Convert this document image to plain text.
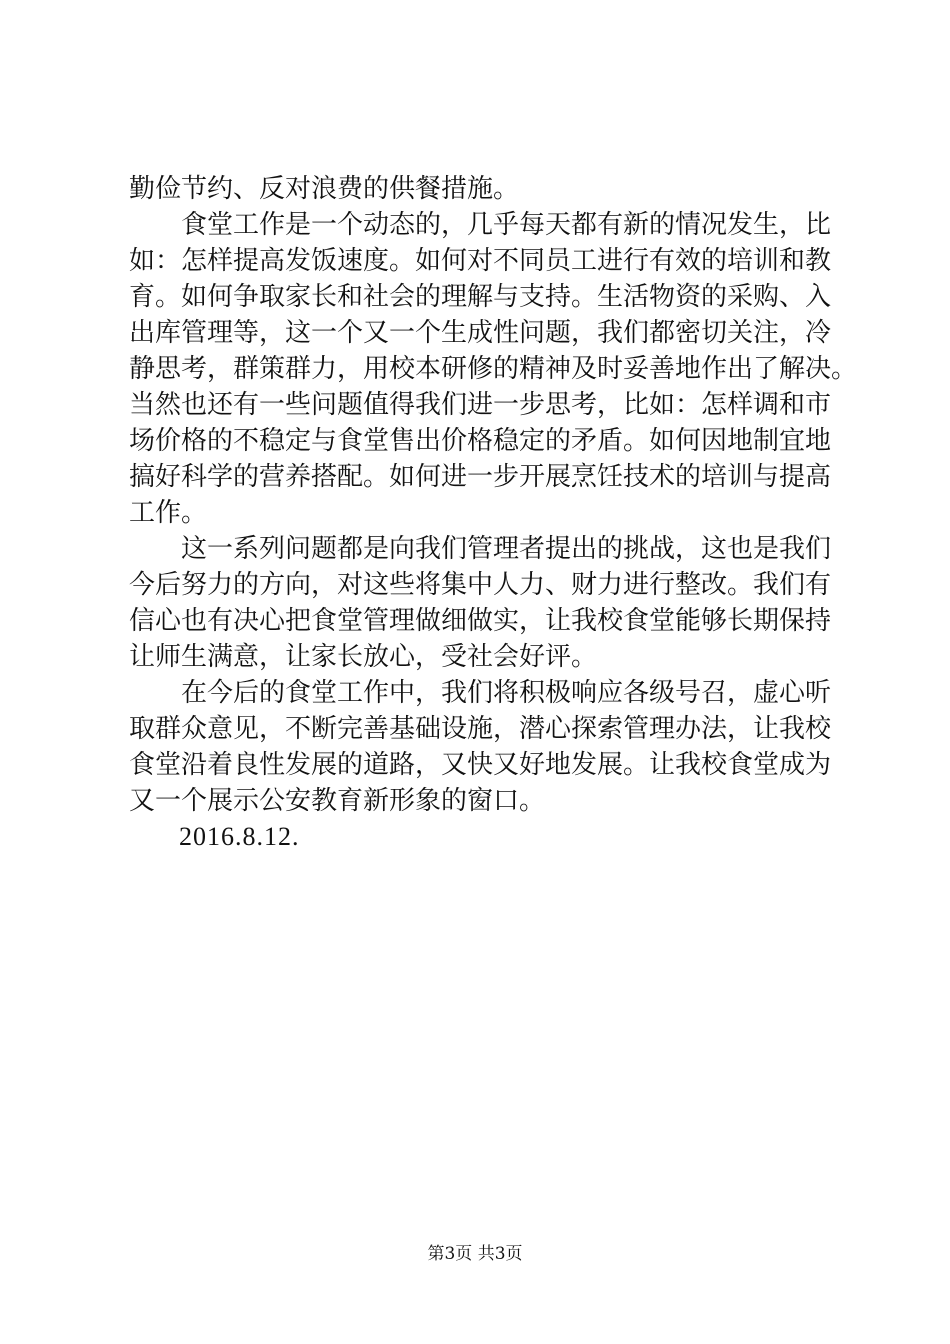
勤俭节约、反对浪费的供餐措施。
食堂工作是一个动态的，几乎每天都有新的情况发生，比
如：怎样提高发饭速度。如何对不同员工进行有效的培训和教
育。如何争取家长和社会的理解与支持。生活物资的采购、入
出库管理等，这一个又一个生成性问题，我们都密切关注，冷
静思考，群策群力，用校本研修的精神及时妥善地作出了解决。
当然也还有一些问题值得我们进一步思考，比如：怎样调和市
场价格的不稳定与食堂售出价格稳定的矛盾。如何因地制宜地
搞好科学的营养搭配。如何进一步开展烹饪技术的培训与提高
工作。
这一系列问题都是向我们管理者提出的挑战，这也是我们
今后努力的方向，对这些将集中人力、财力进行整改。我们有
信心也有决心把食堂管理做细做实，让我校食堂能够长期保持
让师生满意，让家长放心，受社会好评。
在今后的食堂工作中，我们将积极响应各级号召，虚心听
取群众意见，不断完善基础设施，潜心探索管理办法，让我校
食堂沿着良性发展的道路，又快又好地发展。让我校食堂成为
又一个展示公安教育新形象的窗口。
2016.8.12.
第3页 共3页
